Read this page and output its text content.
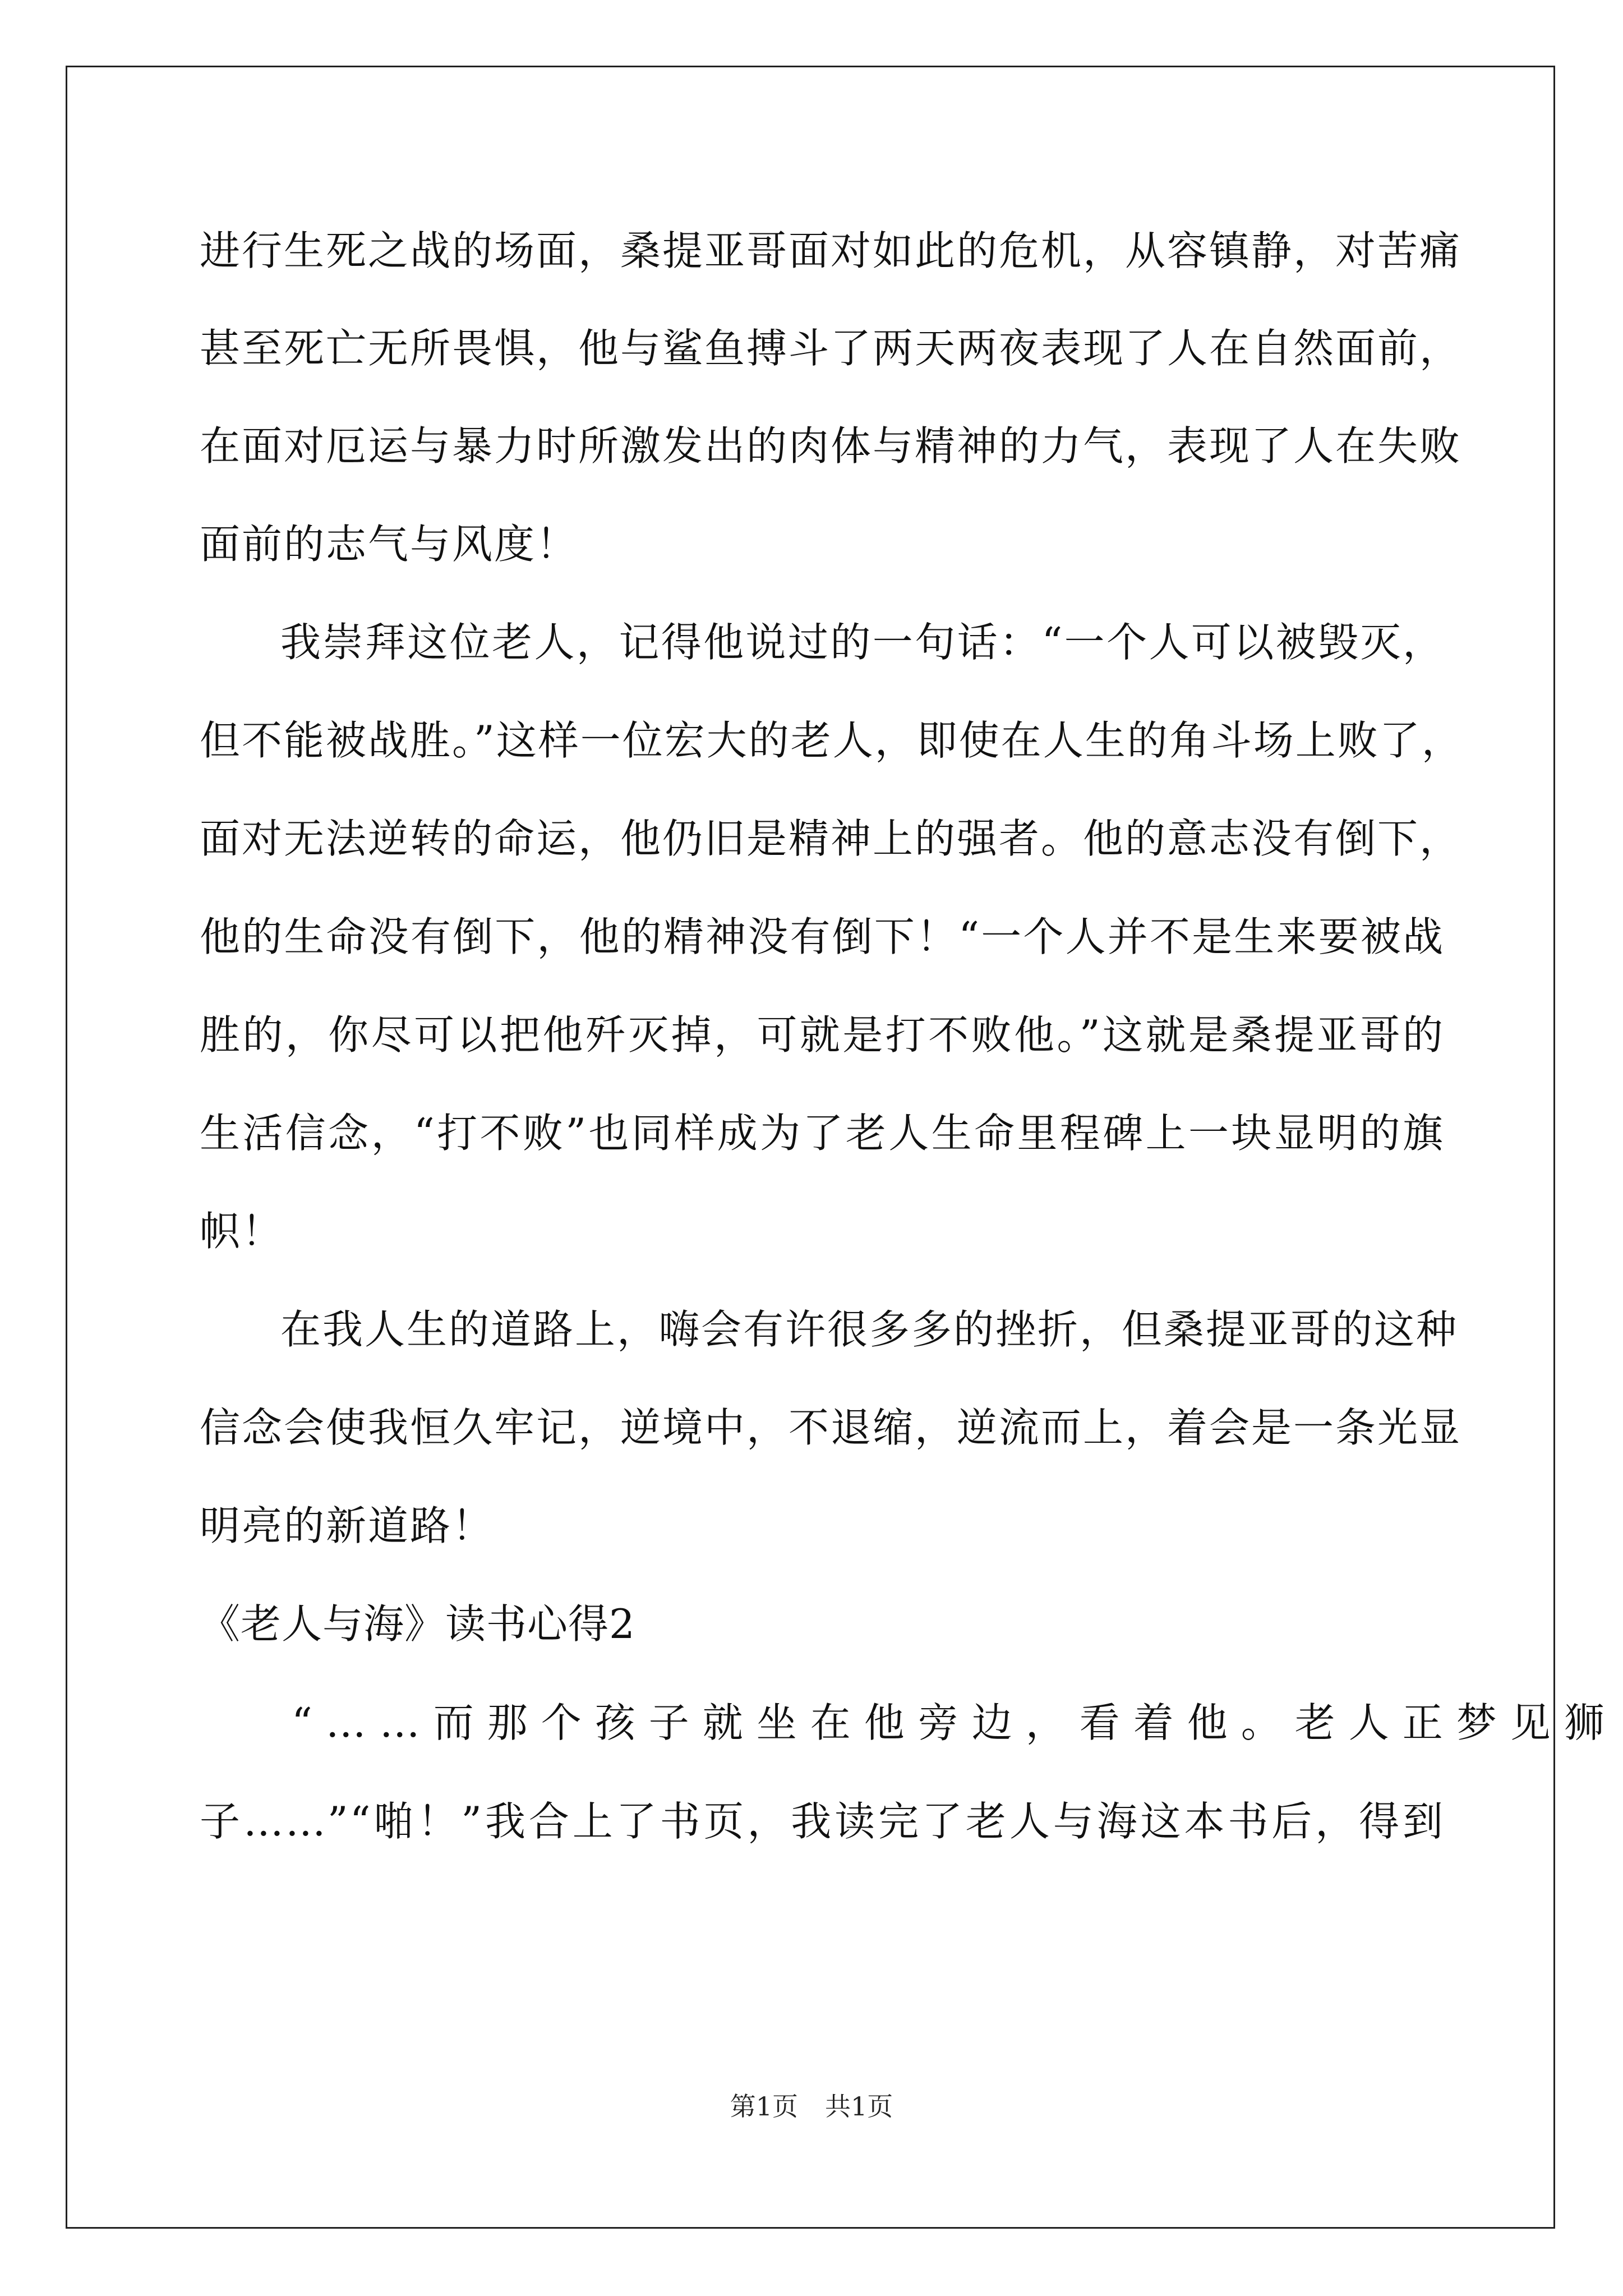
进行生死之战的场面，桑提亚哥面对如此的危机，从容镇静，对苦痛
甚至死亡无所畏惧，他与鲨鱼搏斗了两天两夜表现了人在自然面前，
在面对厄运与暴力时所激发出的肉体与精神的力气，表现了人在失败
面前的志气与风度！
我崇拜这位老人，记得他说过的一句话：“一个人可以被毁灭，
但不能被战胜。”这样一位宏大的老人，即使在人生的角斗场上败了，
面对无法逆转的命运，他仍旧是精神上的强者。他的意志没有倒下，
他的生命没有倒下，他的精神没有倒下！“一个人并不是生来要被战
胜的，你尽可以把他歼灭掉，可就是打不败他。”这就是桑提亚哥的
生活信念，“打不败”也同样成为了老人生命里程碑上一块显明的旗
帜！
在我人生的道路上，嗨会有许很多多的挫折，但桑提亚哥的这种
信念会使我恒久牢记，逆境中，不退缩，逆流而上，着会是一条光显
明亮的新道路！
《老人与海》读书心得2
“……而那个孩子就坐在他旁边，看着他。老人正梦见狮
子……”“啪！”我合上了书页，我读完了老人与海这本书后，得到
第1页 共1页
